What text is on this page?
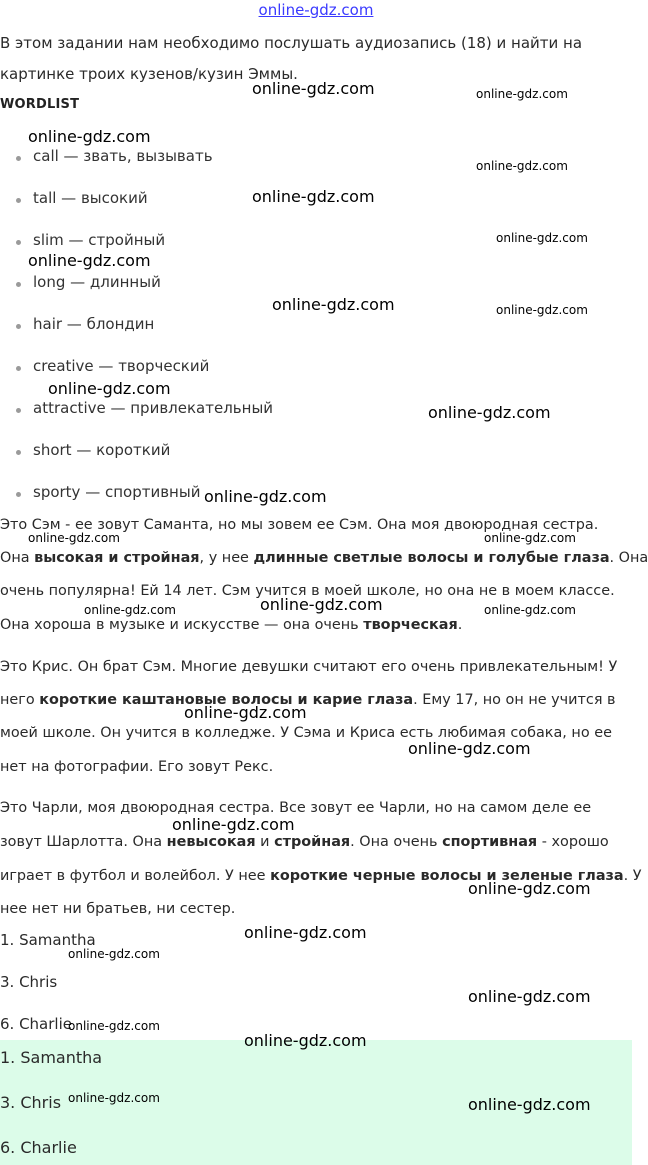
online-gdz.com
В этом задании нам необходимо послушать аудиозапись (18) и найти на
картинке троих кузенов/кузин Эммы.
WORDLIST
call — звать, вызывать
tall — высокий
slim — стройный
long — длинный
hair — блондин
creative — творческий
attractive — привлекательный
short — короткий
sporty — спортивный
Это Сэм - ее зовут Саманта, но мы зовем ее Сэм. Она моя двоюродная сестра.
Она высокая и стройная, у нее длинные светлые волосы и голубые глаза. Она
очень популярна! Ей 14 лет. Сэм учится в моей школе, но она не в моем классе.
Она хороша в музыке и искусстве — она очень творческая.
Это Крис. Он брат Сэм. Многие девушки считают его очень привлекательным! У
него короткие каштановые волосы и карие глаза. Ему 17, но он не учится в
моей школе. Он учится в колледже. У Сэма и Криса есть любимая собака, но ее
нет на фотографии. Его зовут Рекс.
Это Чарли, моя двоюродная сестра. Все зовут ее Чарли, но на самом деле ее
зовут Шарлотта. Она невысокая и стройная. Она очень спортивная - хорошо
играет в футбол и волейбол. У нее короткие черные волосы и зеленые глаза. У
нее нет ни братьев, ни сестер.
1. Samantha
3. Chris
6. Charlie
1. Samantha
3. Chris
6. Charlie
online-gdz.com	online-gdz.com
online-gdz.com
online-gdz.com
online-gdz.com
online-gdz.com
online-gdz.com
online-gdz.com	online-gdz.com
online-gdz.com
online-gdz.com
online-gdz.com
online-gdz.com	online-gdz.com
online-gdz.com
online-gdz.com	online-gdz.com
online-gdz.com
online-gdz.com
online-gdz.com
online-gdz.com
online-gdz.com
online-gdz.com
online-gdz.com
online-gdz.com
online-gdz.com
online-gdz.com	online-gdz.com
